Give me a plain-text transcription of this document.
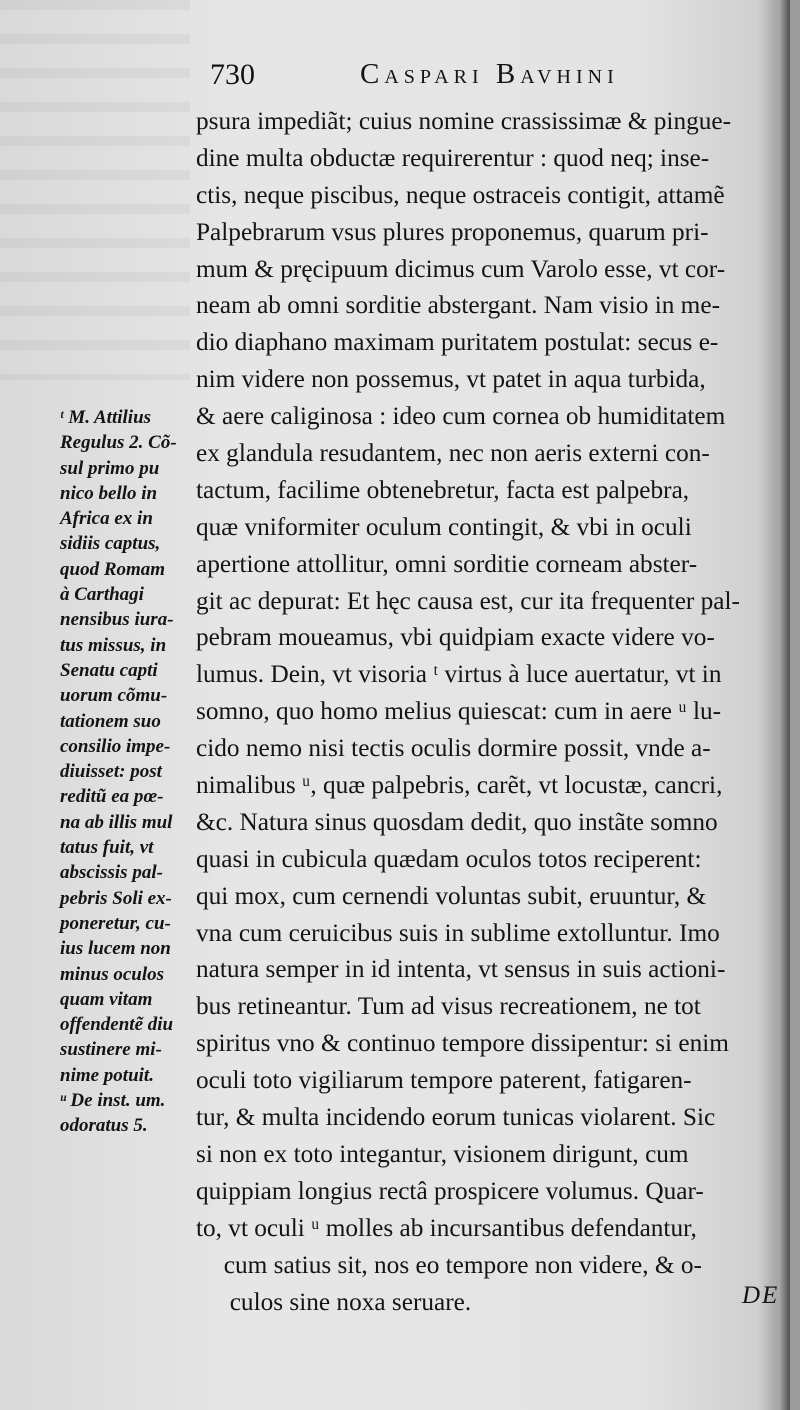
730	Caspari Bavhini
psura impediãt; cuius nomine crassissimæ & pingue-
dine multa obductæ requirerentur : quod neq; inse-
ctis, neque piscibus, neque ostraceis contigit, attamẽ
Palpebrarum vsus plures proponemus, quarum pri-
mum & pręcipuum dicimus cum Varolo esse, vt cor-
neam ab omni sorditie abstergant. Nam visio in me-
dio diaphano maximam puritatem postulat: secus e-
nim videre non possemus, vt patet in aqua turbida,
& aere caliginosa : ideo cum cornea ob humiditatem
ex glandula resudantem, nec non aeris externi con-
tactum, facilime obtenebretur, facta est palpebra,
quæ vniformiter oculum contingit, & vbi in oculi
apertione attollitur, omni sorditie corneam abster-
git ac depurat: Et hęc causa est, cur ita frequenter pal-
pebram moueamus, vbi quidpiam exacte videre vo-
lumus. Dein, vt visoria ᵗ virtus à luce auertatur, vt in
somno, quo homo melius quiescat: cum in aere ᵘ lu-
cido nemo nisi tectis oculis dormire possit, vnde a-
nimalibus ᵘ, quæ palpebris, carẽt, vt locustæ, cancri,
&c. Natura sinus quosdam dedit, quo instãte somno
quasi in cubicula quædam oculos totos reciperent:
qui mox, cum cernendi voluntas subit, eruuntur, &
vna cum ceruicibus suis in sublime extolluntur. Imo
natura semper in id intenta, vt sensus in suis actioni-
bus retineantur. Tum ad visus recreationem, ne tot
spiritus vno & continuo tempore dissipentur: si enim
oculi toto vigiliarum tempore paterent, fatigaren-
tur, & multa incidendo eorum tunicas violarent. Sic
si non ex toto integantur, visionem dirigunt, cum
quippiam longius rectâ prospicere volumus. Quar-
to, vt oculi ᵘ molles ab incursantibus defendantur,
cum satius sit, nos eo tempore non videre, & o-
culos sine noxa seruare.
ᵗ M. Attilius
Regulus 2. Cõ-
sul primo pu
nico bello in
Africa ex in
sidiis captus,
quod Romam
à Carthagi
nensibus iura-
tus missus, in
Senatu capti
uorum cõmu-
tationem suo
consilio impe-
diuisset: post
reditũ ea pœ-
na ab illis mul
tatus fuit, vt
abscissis pal-
pebris Soli ex-
poneretur, cu-
ius lucem non
minus oculos
quam vitam
offendentẽ diu
sustinere mi-
nime potuit.
ᵘ De inst. um.
odoratus 5.
DE
